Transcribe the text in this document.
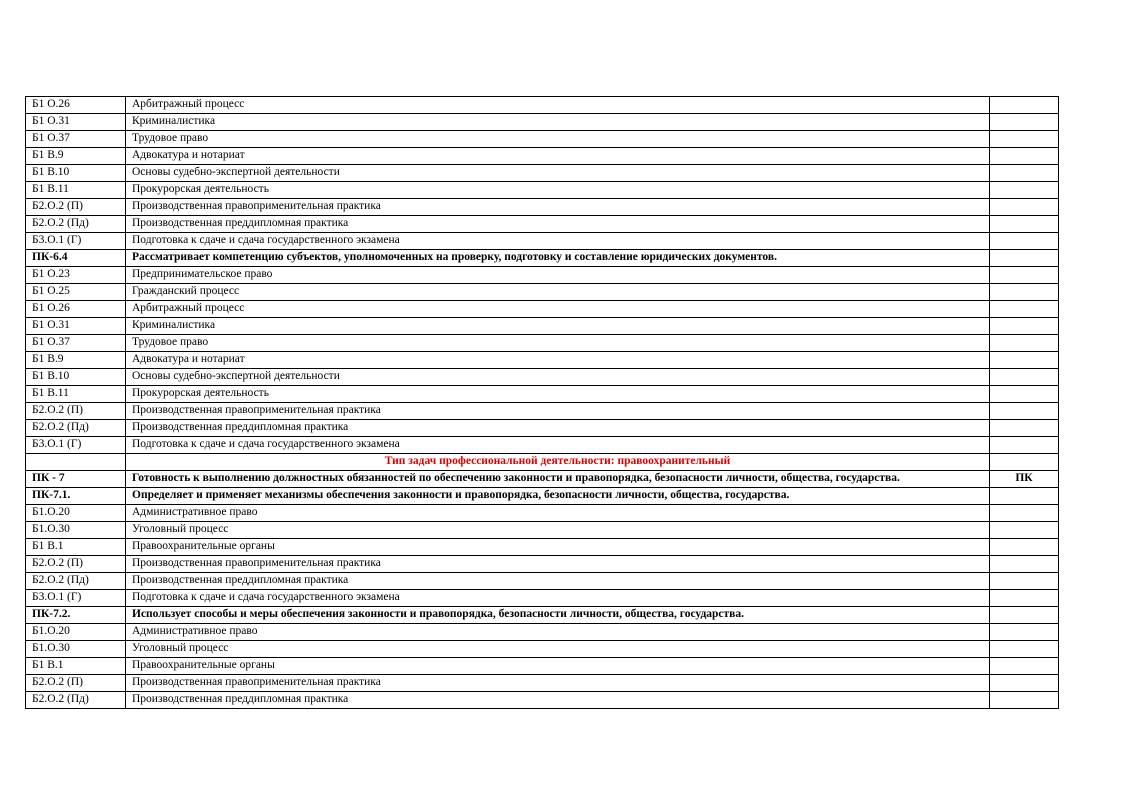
Б1 О.26	Арбитражный процесс	
Б1 О.31	Криминалистика	
Б1 О.37	Трудовое право	
Б1 В.9	Адвокатура и нотариат	
Б1 В.10	Основы судебно-экспертной деятельности	
Б1 В.11	Прокурорская деятельность	
Б2.О.2 (П)	Производственная правоприменительная практика	
Б2.О.2 (Пд)	Производственная преддипломная практика	
Б3.О.1 (Г)	Подготовка к сдаче и сдача государственного экзамена	
ПК-6.4	Рассматривает компетенцию субъектов, уполномоченных на проверку, подготовку и составление юридических документов.	
Б1 О.23	Предпринимательское право	
Б1 О.25	Гражданский процесс	
Б1 О.26	Арбитражный процесс	
Б1 О.31	Криминалистика	
Б1 О.37	Трудовое право	
Б1 В.9	Адвокатура и нотариат	
Б1 В.10	Основы судебно-экспертной деятельности	
Б1 В.11	Прокурорская деятельность	
Б2.О.2 (П)	Производственная правоприменительная практика	
Б2.О.2 (Пд)	Производственная преддипломная практика	
Б3.О.1 (Г)	Подготовка к сдаче и сдача государственного экзамена	
	Тип задач профессиональной деятельности: правоохранительный	
ПК - 7	Готовность к выполнению должностных обязанностей по обеспечению законности и правопорядка, безопасности личности, общества, государства.	ПК
ПК-7.1.	Определяет и применяет механизмы обеспечения законности и правопорядка, безопасности личности, общества, государства.	
Б1.О.20	Административное право	
Б1.О.30	Уголовный процесс	
Б1 В.1	Правоохранительные органы	
Б2.О.2 (П)	Производственная правоприменительная практика	
Б2.О.2 (Пд)	Производственная преддипломная практика	
Б3.О.1 (Г)	Подготовка к сдаче и сдача государственного экзамена	
ПК-7.2.	Использует способы и меры обеспечения законности и правопорядка, безопасности личности, общества, государства.	
Б1.О.20	Административное право	
Б1.О.30	Уголовный процесс	
Б1 В.1	Правоохранительные органы	
Б2.О.2 (П)	Производственная правоприменительная практика	
Б2.О.2 (Пд)	Производственная преддипломная практика	
